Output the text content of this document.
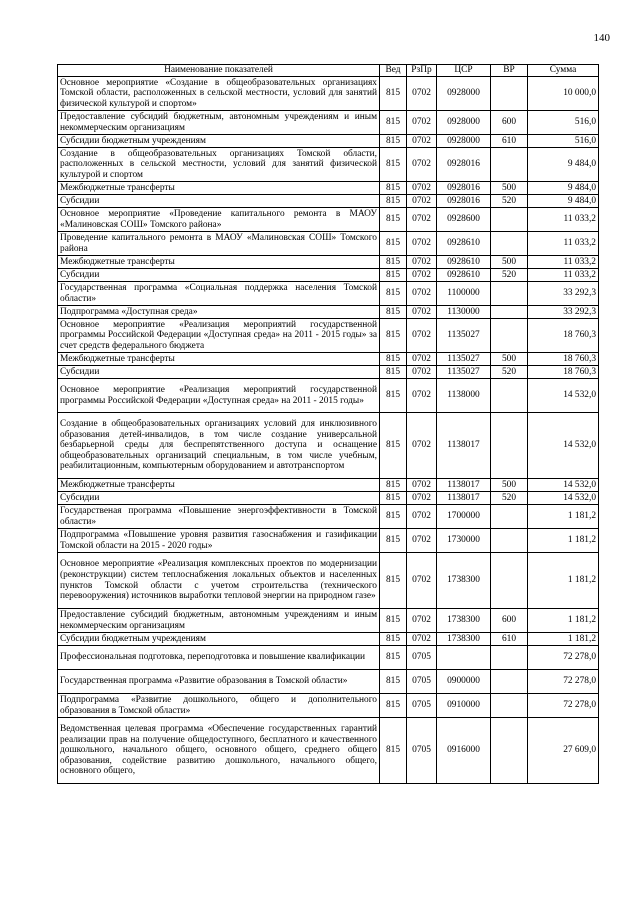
140
Наименование показателей	Вед	РзПр	ЦСР	ВР	Сумма
Основное мероприятие «Создание в общеобразовательных организациях Томской области, расположенных в сельской местности, условий для занятий физической культурой и спортом»	815	0702	0928000		10 000,0
Предоставление субсидий бюджетным, автономным учреждениям и иным некоммерческим организациям	815	0702	0928000	600	516,0
Субсидии бюджетным учреждениям	815	0702	0928000	610	516,0
Создание в общеобразовательных организациях Томской области, расположенных в сельской местности, условий для занятий физической культурой и спортом	815	0702	0928016		9 484,0
Межбюджетные трансферты	815	0702	0928016	500	9 484,0
Субсидии	815	0702	0928016	520	9 484,0
Основное мероприятие «Проведение капитального ремонта в МАОУ «Малиновская СОШ» Томского района»	815	0702	0928600		11 033,2
Проведение капитального ремонта в МАОУ «Малиновская СОШ» Томского района	815	0702	0928610		11 033,2
Межбюджетные трансферты	815	0702	0928610	500	11 033,2
Субсидии	815	0702	0928610	520	11 033,2
Государственная программа «Социальная поддержка населения Томской области»	815	0702	1100000		33 292,3
Подпрограмма «Доступная среда»	815	0702	1130000		33 292,3
Основное мероприятие «Реализация мероприятий государственной программы Российской Федерации «Доступная среда» на 2011 - 2015 годы» за счет средств федерального бюджета	815	0702	1135027		18 760,3
Межбюджетные трансферты	815	0702	1135027	500	18 760,3
Субсидии	815	0702	1135027	520	18 760,3
Основное мероприятие «Реализация мероприятий государственной программы Российской Федерации «Доступная среда» на 2011 - 2015 годы»	815	0702	1138000		14 532,0
Создание в общеобразовательных организациях условий для инклюзивного образования детей-инвалидов, в том числе создание универсальной безбарьерной среды для беспрепятственного доступа и оснащение общеобразовательных организаций специальным, в том числе учебным, реабилитационным, компьютерным оборудованием и автотранспортом	815	0702	1138017		14 532,0
Межбюджетные трансферты	815	0702	1138017	500	14 532,0
Субсидии	815	0702	1138017	520	14 532,0
Государственая программа «Повышение энергоэффективности в Томской области»	815	0702	1700000		1 181,2
Подпрограмма «Повышение уровня развития газоснабжения и газификации Томской области на 2015 - 2020 годы»	815	0702	1730000		1 181,2
Основное мероприятие «Реализация комплексных проектов по модернизации (реконструкции) систем теплоснабжения локальных объектов и населенных пунктов Томской области с учетом строительства (технического перевооружения) источников выработки тепловой энергии на природном газе»	815	0702	1738300		1 181,2
Предоставление субсидий бюджетным, автономным учреждениям и иным некоммерческим организациям	815	0702	1738300	600	1 181,2
Субсидии бюджетным учреждениям	815	0702	1738300	610	1 181,2
Профессиональная подготовка, переподготовка и повышение квалификации	815	0705			72 278,0
Государственная программа «Развитие образования в Томской области»	815	0705	0900000		72 278,0
Подпрограмма «Развитие дошкольного, общего и дополнительного образования в Томской области»	815	0705	0910000		72 278,0
Ведомственная целевая программа «Обеспечение государственных гарантий реализации прав на получение общедоступного, бесплатного и качественного дошкольного, начального общего, основного общего, среднего общего образования, содействие развитию дошкольного, начального общего, основного общего,	815	0705	0916000		27 609,0
